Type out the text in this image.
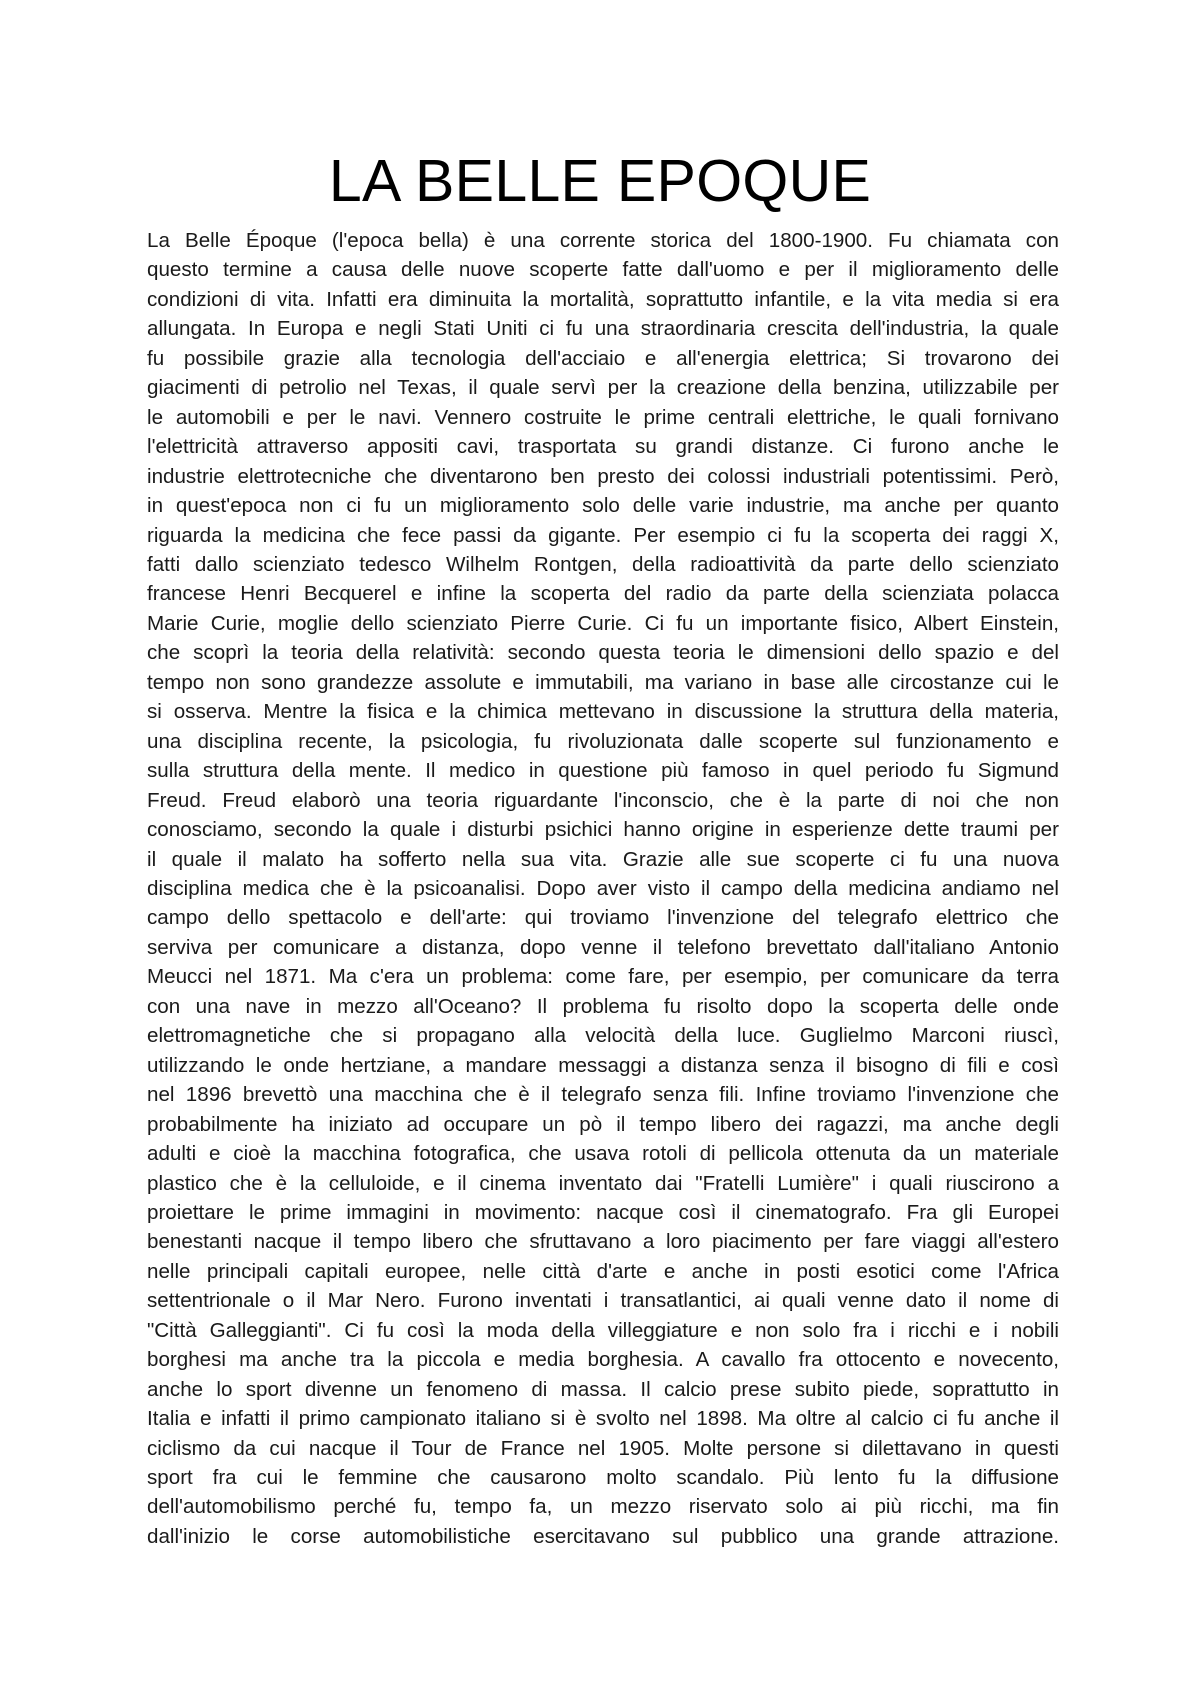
LA BELLE EPOQUE
La Belle Époque (l'epoca bella) è una corrente storica del 1800-1900. Fu chiamata con
questo termine a causa delle nuove scoperte fatte dall'uomo e per il miglioramento delle
condizioni di vita. Infatti era diminuita la mortalità, soprattutto infantile, e la vita media si era
allungata. In Europa e negli Stati Uniti ci fu una straordinaria crescita dell'industria, la quale
fu possibile grazie alla tecnologia dell'acciaio e all'energia elettrica; Si trovarono dei
giacimenti di petrolio nel Texas, il quale servì per la creazione della benzina, utilizzabile per
le automobili e per le navi. Vennero costruite le prime centrali elettriche, le quali fornivano
l'elettricità attraverso appositi cavi, trasportata su grandi distanze. Ci furono anche le
industrie elettrotecniche che diventarono ben presto dei colossi industriali potentissimi. Però,
in quest'epoca non ci fu un miglioramento solo delle varie industrie, ma anche per quanto
riguarda la medicina che fece passi da gigante. Per esempio ci fu la scoperta dei raggi X,
fatti dallo scienziato tedesco Wilhelm Rontgen, della radioattività da parte dello scienziato
francese Henri Becquerel e infine la scoperta del radio da parte della scienziata polacca
Marie Curie, moglie dello scienziato Pierre Curie. Ci fu un importante fisico, Albert Einstein,
che scoprì la teoria della relatività: secondo questa teoria le dimensioni dello spazio e del
tempo non sono grandezze assolute e immutabili, ma variano in base alle circostanze cui le
si osserva. Mentre la fisica e la chimica mettevano in discussione la struttura della materia,
una disciplina recente, la psicologia, fu rivoluzionata dalle scoperte sul funzionamento e
sulla struttura della mente. Il medico in questione più famoso in quel periodo fu Sigmund
Freud. Freud elaborò una teoria riguardante l'inconscio, che è la parte di noi che non
conosciamo, secondo la quale i disturbi psichici hanno origine in esperienze dette traumi per
il quale il malato ha sofferto nella sua vita. Grazie alle sue scoperte ci fu una nuova
disciplina medica che è la psicoanalisi. Dopo aver visto il campo della medicina andiamo nel
campo dello spettacolo e dell'arte: qui troviamo l'invenzione del telegrafo elettrico che
serviva per comunicare a distanza, dopo venne il telefono brevettato dall'italiano Antonio
Meucci nel 1871. Ma c'era un problema: come fare, per esempio, per comunicare da terra
con una nave in mezzo all'Oceano? Il problema fu risolto dopo la scoperta delle onde
elettromagnetiche che si propagano alla velocità della luce. Guglielmo Marconi riuscì,
utilizzando le onde hertziane, a mandare messaggi a distanza senza il bisogno di fili e così
nel 1896 brevettò una macchina che è il telegrafo senza fili. Infine troviamo l'invenzione che
probabilmente ha iniziato ad occupare un pò il tempo libero dei ragazzi, ma anche degli
adulti e cioè la macchina fotografica, che usava rotoli di pellicola ottenuta da un materiale
plastico che è la celluloide, e il cinema inventato dai "Fratelli Lumière" i quali riuscirono a
proiettare le prime immagini in movimento: nacque così il cinematografo. Fra gli Europei
benestanti nacque il tempo libero che sfruttavano a loro piacimento per fare viaggi all'estero
nelle principali capitali europee, nelle città d'arte e anche in posti esotici come l'Africa
settentrionale o il Mar Nero. Furono inventati i transatlantici, ai quali venne dato il nome di
"Città Galleggianti". Ci fu così la moda della villeggiature e non solo fra i ricchi e i nobili
borghesi ma anche tra la piccola e media borghesia. A cavallo fra ottocento e novecento,
anche lo sport divenne un fenomeno di massa. Il calcio prese subito piede, soprattutto in
Italia e infatti il primo campionato italiano si è svolto nel 1898. Ma oltre al calcio ci fu anche il
ciclismo da cui nacque il Tour de France nel 1905. Molte persone si dilettavano in questi
sport fra cui le femmine che causarono molto scandalo. Più lento fu la diffusione
dell'automobilismo perché fu, tempo fa, un mezzo riservato solo ai più ricchi, ma fin
dall'inizio le corse automobilistiche esercitavano sul pubblico una grande attrazione.
